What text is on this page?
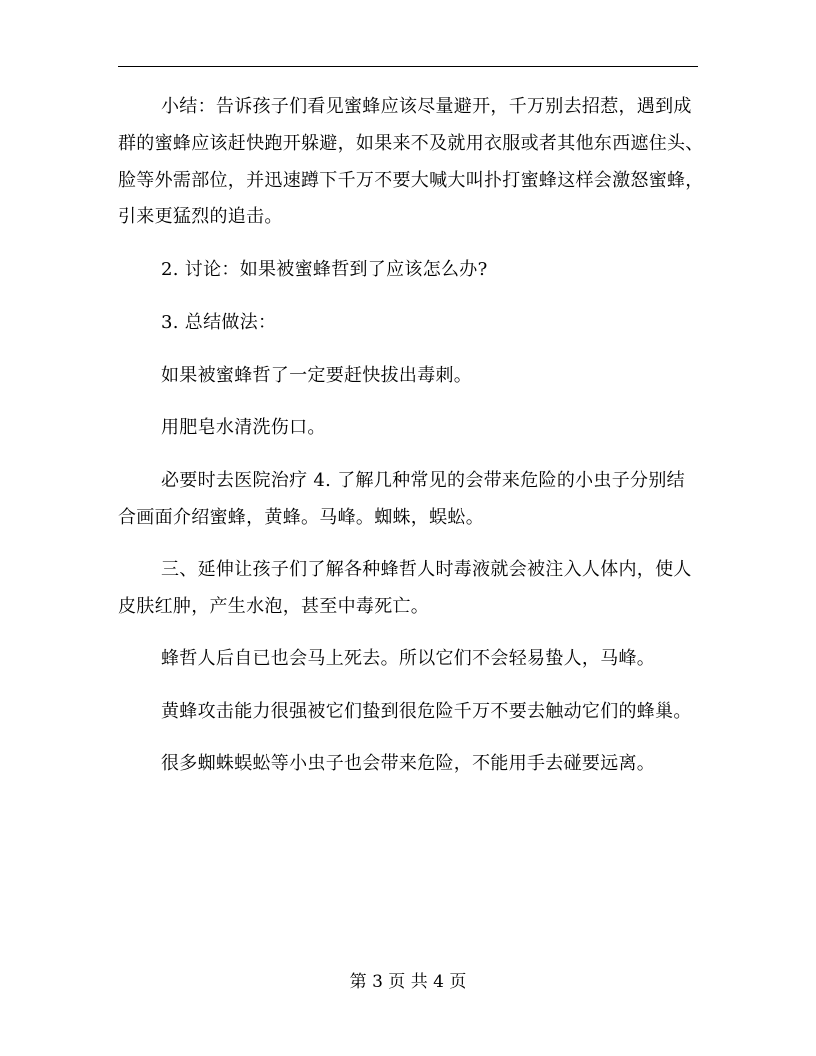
小结：告诉孩子们看见蜜蜂应该尽量避开，千万别去招惹，遇到成
群的蜜蜂应该赶快跑开躲避，如果来不及就用衣服或者其他东西遮住头、
脸等外需部位，并迅速蹲下千万不要大喊大叫扑打蜜蜂这样会激怒蜜蜂，
引来更猛烈的追击。
2. 讨论：如果被蜜蜂哲到了应该怎么办?
3. 总结做法：
如果被蜜蜂哲了一定要赶快拔出毒刺。
用肥皂水清洗伤口。
必要时去医院治疗 4. 了解几种常见的会带来危险的小虫子分别结
合画面介绍蜜蜂，黄蜂。马峰。蜘蛛，蜈蚣。
三、延伸让孩子们了解各种蜂哲人时毒液就会被注入人体内，使人
皮肤红肿，产生水泡，甚至中毒死亡。
蜂哲人后自已也会马上死去。所以它们不会轻易蛰人，马峰。
黄蜂攻击能力很强被它们蛰到很危险千万不要去触动它们的蜂巢。
很多蜘蛛蜈蚣等小虫子也会带来危险，不能用手去碰要远离。
第 3 页 共 4 页
